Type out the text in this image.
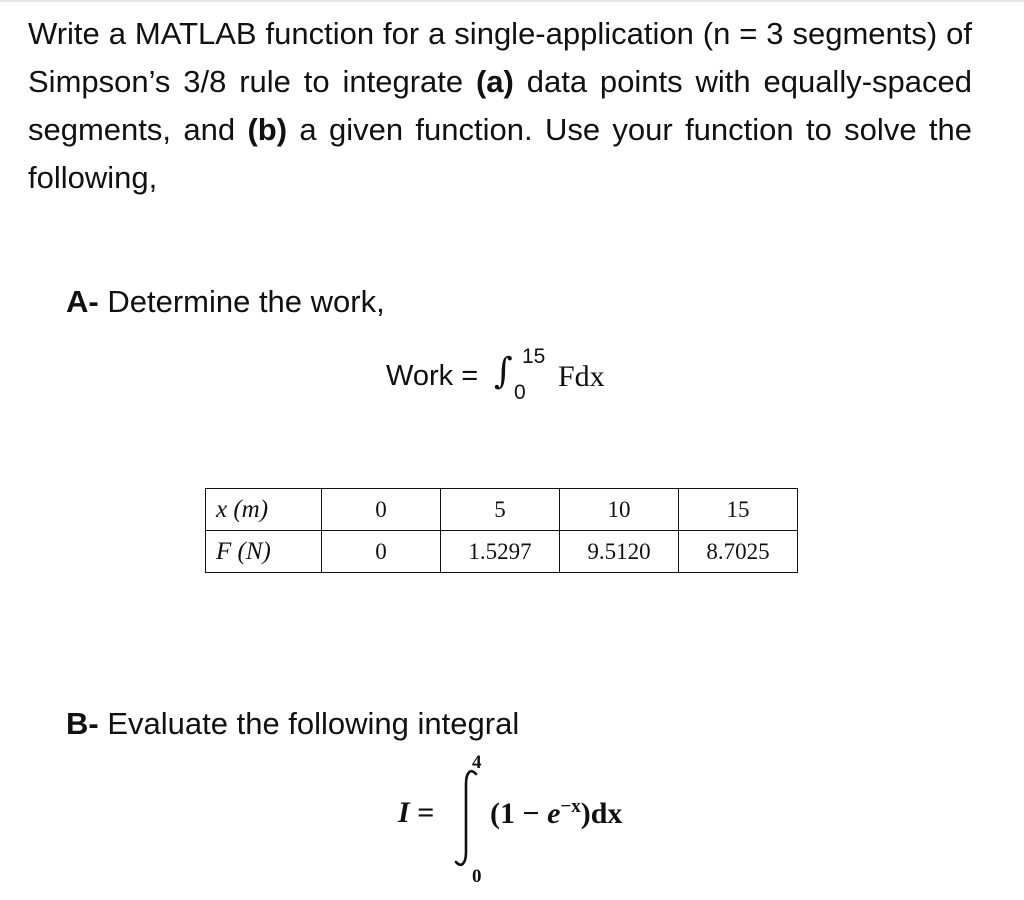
Write a MATLAB function for a single-application (n = 3 segments) of Simpson’s 3/8 rule to integrate (a) data points with equally-spaced segments, and (b) a given function. Use your function to solve the following,

A- Determine the work,

Work = ∫ 15
0 Fdx
x (m)	0	5	10	15
F (N)	0	1.5297	9.5120	8.7025

B- Evaluate the following integral

I =
4
0
$(1 - e^{-x})dx$
